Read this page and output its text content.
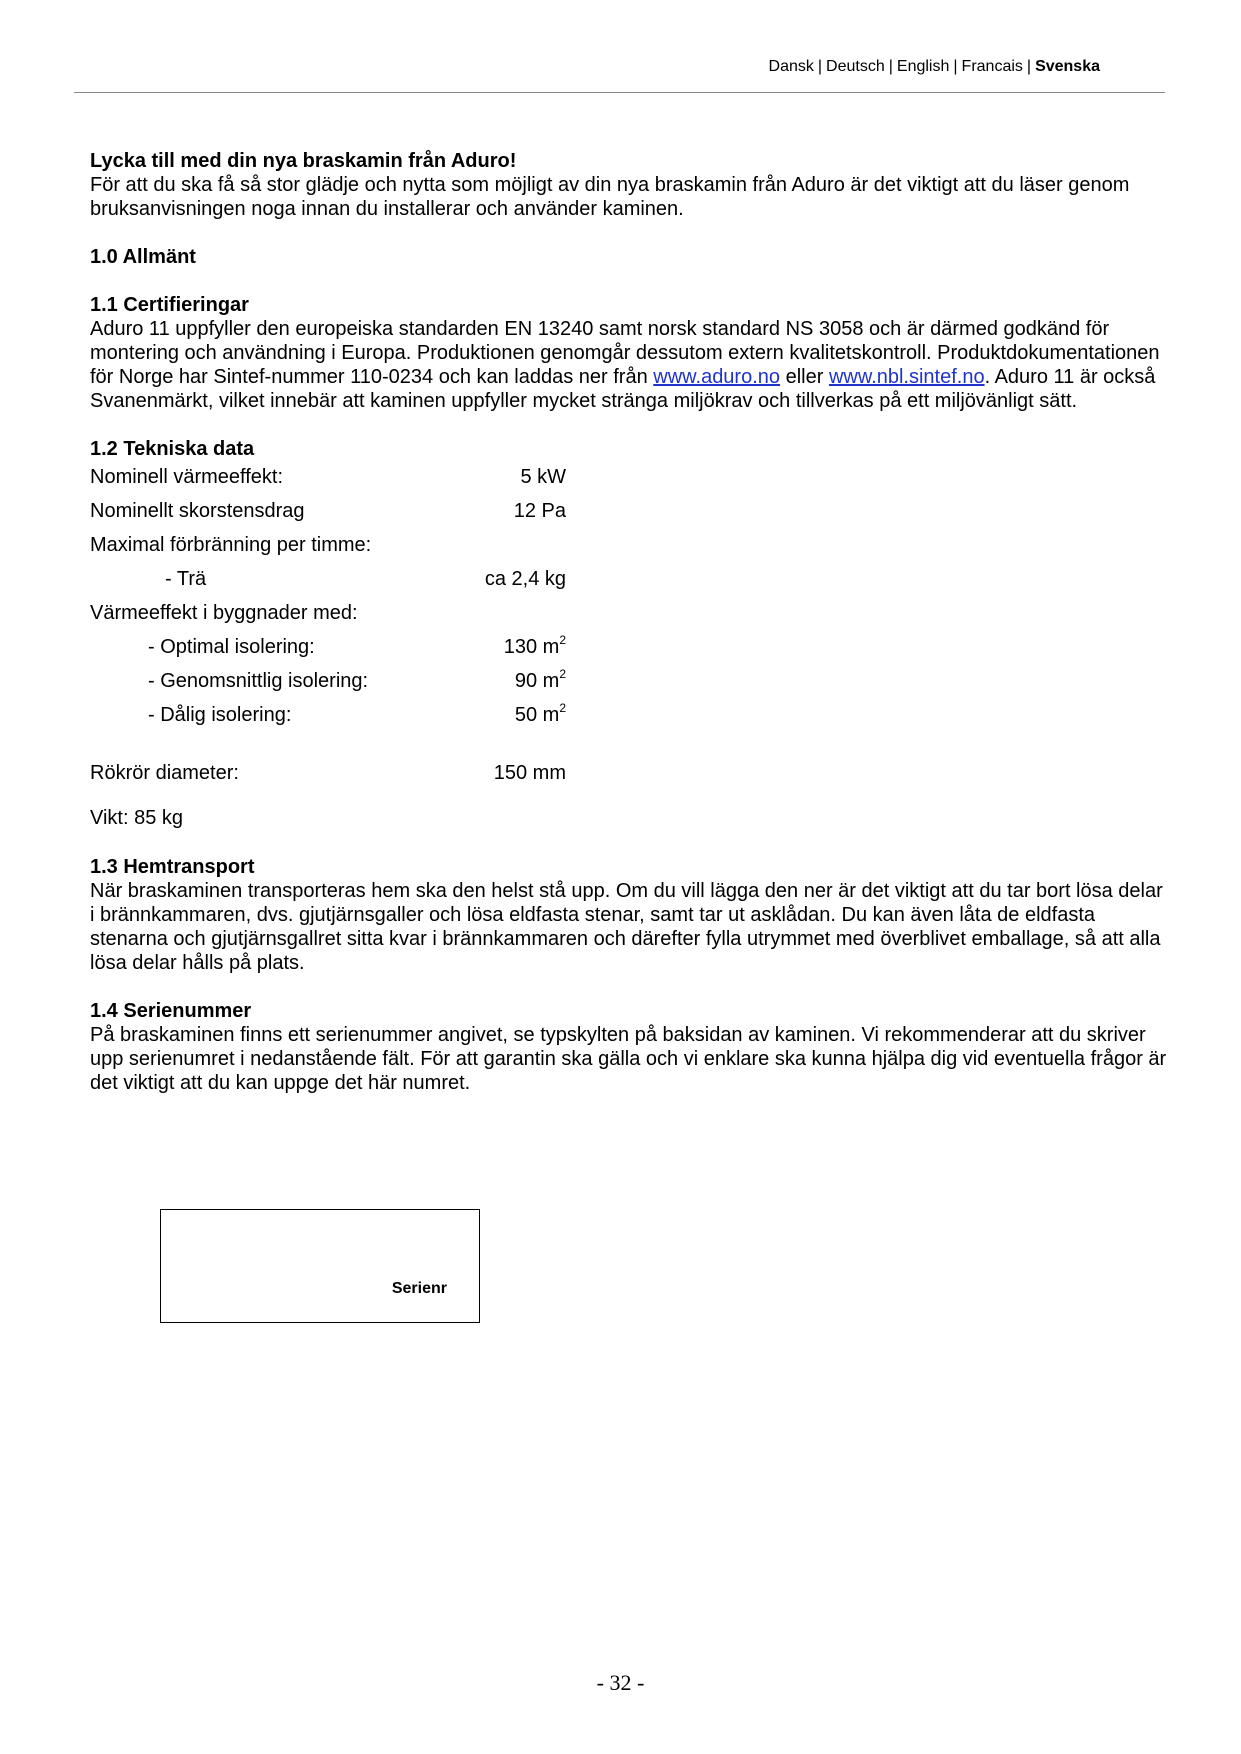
Dansk | Deutsch | English | Francais | Svenska

Lycka till med din nya braskamin från Aduro!

För att du ska få så stor glädje och nytta som möjligt av din nya braskamin från Aduro är det viktigt att du läser genom bruksanvisningen noga innan du installerar och använder kaminen.

1.0 Allmänt

1.1 Certifieringar

Aduro 11 uppfyller den europeiska standarden EN 13240 samt norsk standard NS 3058 och är därmed godkänd för montering och användning i Europa. Produktionen genomgår dessutom extern kvalitetskontroll. Produktdokumentationen för Norge har Sintef-nummer 110-0234 och kan laddas ner från www.aduro.no eller www.nbl.sintef.no. Aduro 11 är också Svanenmärkt, vilket innebär att kaminen uppfyller mycket stränga miljökrav och tillverkas på ett miljövänligt sätt.

1.2 Tekniska data

Nominell värmeeffekt:	5 kW
Nominellt skorstensdrag	12 Pa
Maximal förbränning per timme:
- Trä	ca 2,4 kg
Värmeeffekt i byggnader med:
- Optimal isolering:	130 $m^2$
- Genomsnittlig isolering:	90 $m^2$
- Dålig isolering:	50 $m^2$
Rökrör diameter:	150 mm

Vikt: 85 kg

1.3 Hemtransport

När braskaminen transporteras hem ska den helst stå upp. Om du vill lägga den ner är det viktigt att du tar bort lösa delar i brännkammaren, dvs. gjutjärnsgaller och lösa eldfasta stenar, samt tar ut asklådan. Du kan även låta de eldfasta stenarna och gjutjärnsgallret sitta kvar i brännkammaren och därefter fylla utrymmet med överblivet emballage, så att alla lösa delar hålls på plats.

1.4 Serienummer

På braskaminen finns ett serienummer angivet, se typskylten på baksidan av kaminen. Vi rekommenderar att du skriver upp serienumret i nedanstående fält. För att garantin ska gälla och vi enklare ska kunna hjälpa dig vid eventuella frågor är det viktigt att du kan uppge det här numret.

Serienr
- 32 -
